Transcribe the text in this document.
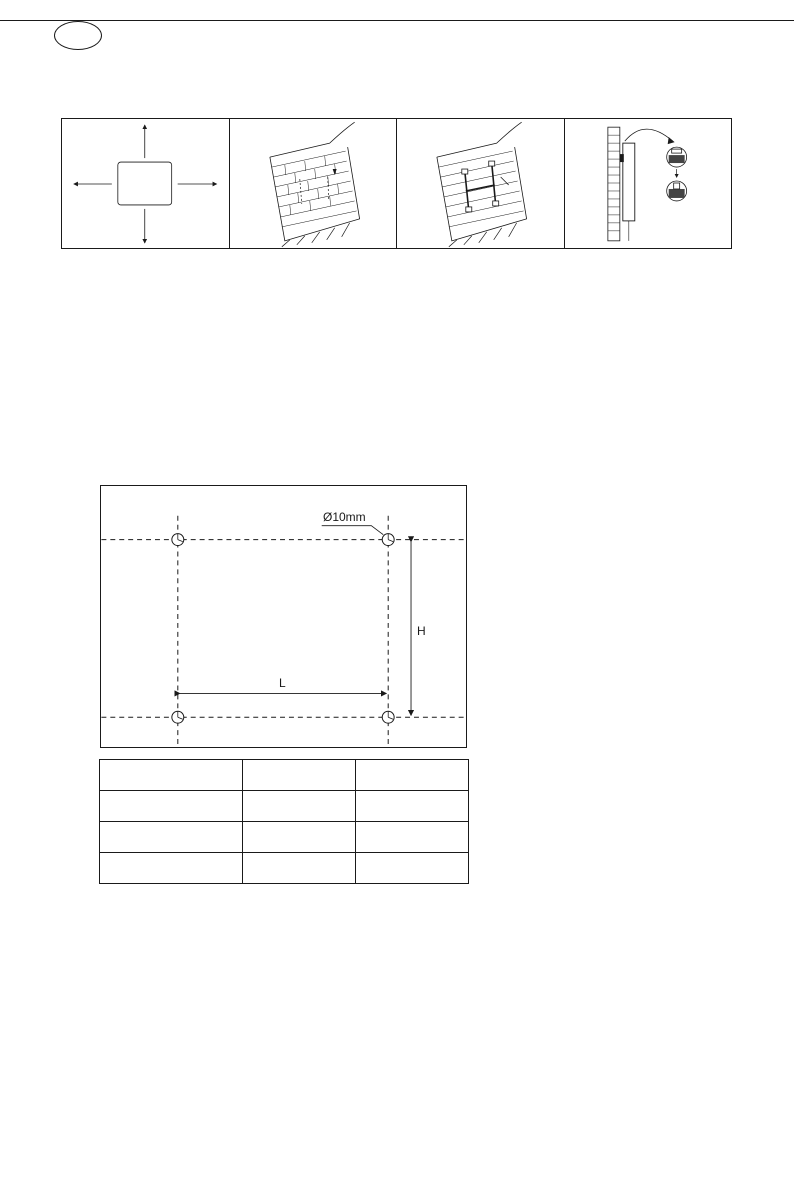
Ø10mm
H
L
